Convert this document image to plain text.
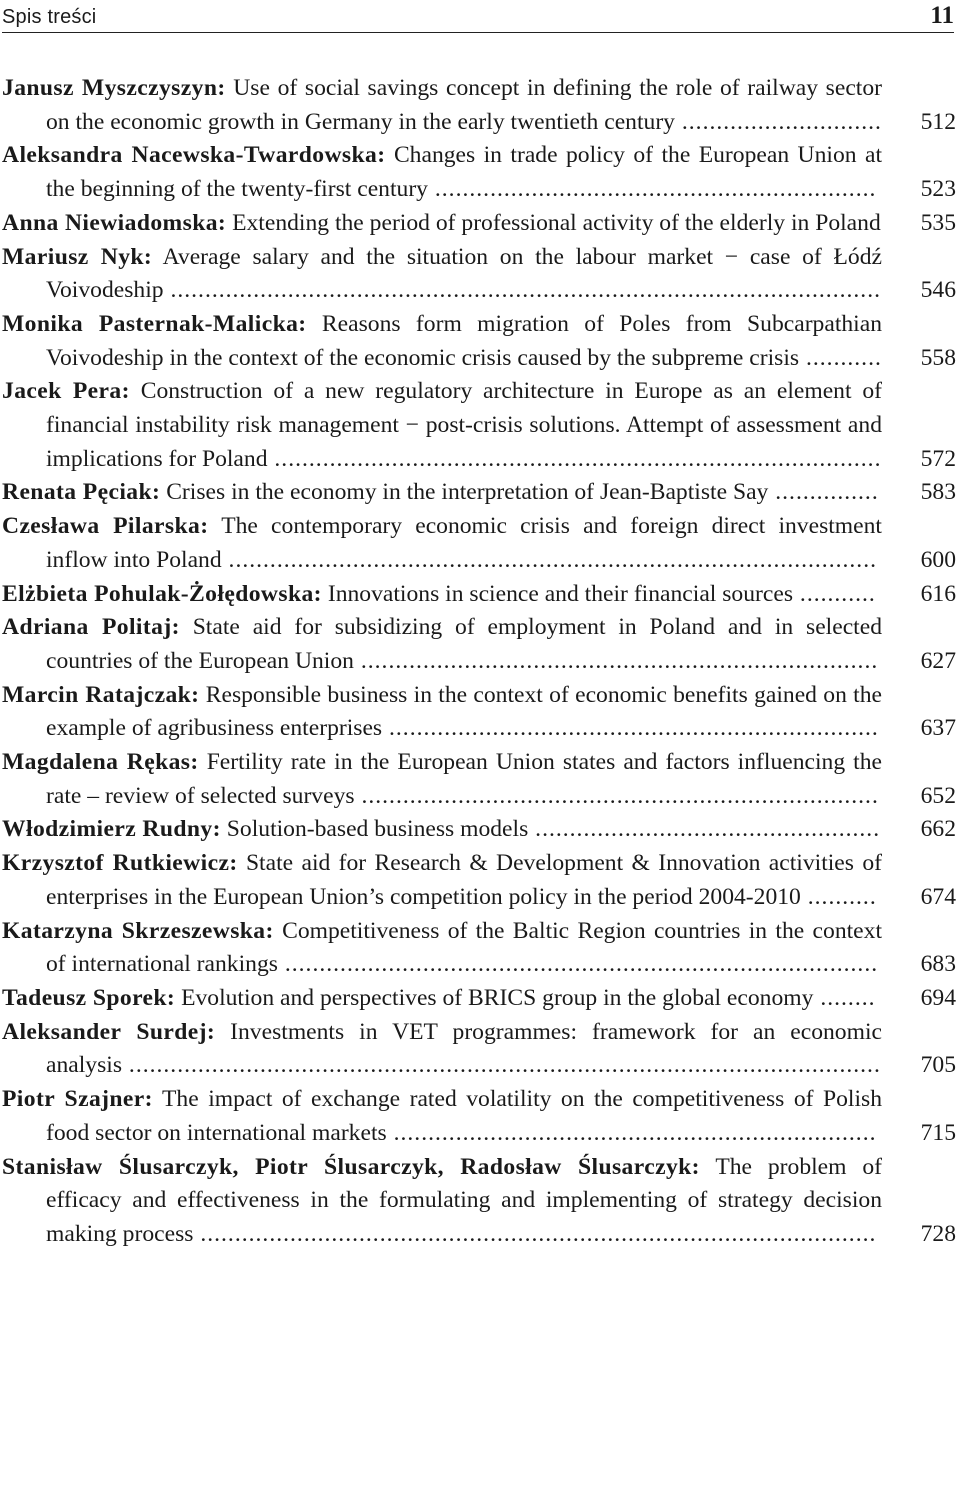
Spis treści	11
Janusz Myszczyszyn: Use of social savings concept in defining the role of railway sector on the economic growth in Germany in the early twentieth century ............................. 512
Aleksandra Nacewska-Twardowska: Changes in trade policy of the European Union at the beginning of the twenty-first century ................................................................ 523
Anna Niewiadomska: Extending the period of professional activity of the elderly in Poland 535
Mariusz Nyk: Average salary and the situation on the labour market − case of Łódź Voivodeship ....................................................................................................... 546
Monika Pasternak-Malicka: Reasons form migration of Poles from Subcarpathian Voivodeship in the context of the economic crisis caused by the subpreme crisis ........... 558
Jacek Pera: Construction of a new regulatory architecture in Europe as an element of financial instability risk management − post-crisis solutions. Attempt of assessment and implications for Poland ........................................................................................ 572
Renata Pęciak: Crises in the economy in the interpretation of Jean-Baptiste Say ............... 583
Czesława Pilarska: The contemporary economic crisis and foreign direct investment inflow into Poland .............................................................................................. 600
Elżbieta Pohulak-Żołędowska: Innovations in science and their financial sources ........... 616
Adriana Politaj: State aid for subsidizing of employment in Poland and in selected countries of the European Union ........................................................................... 627
Marcin Ratajczak: Responsible business in the context of economic benefits gained on the example of agribusiness enterprises ....................................................................... 637
Magdalena Rękas: Fertility rate in the European Union states and factors influencing the rate – review of selected surveys ........................................................................... 652
Włodzimierz Rudny: Solution-based business models .................................................. 662
Krzysztof Rutkiewicz: State aid for Research & Development & Innovation activities of enterprises in the European Union’s competition policy in the period 2004-2010 .......... 674
Katarzyna Skrzeszewska: Competitiveness of the Baltic Region countries in the context of international rankings ...................................................................................... 683
Tadeusz Sporek: Evolution and perspectives of BRICS group in the global economy ........ 694
Aleksander Surdej: Investments in VET programmes: framework for an economic analysis ............................................................................................................. 705
Piotr Szajner: The impact of exchange rated volatility on the competitiveness of Polish food sector on international markets ...................................................................... 715
Stanisław Ślusarczyk, Piotr Ślusarczyk, Radosław Ślusarczyk: The problem of efficacy and effectiveness in the formulating and implementing of strategy decision making process .................................................................................................. 728
